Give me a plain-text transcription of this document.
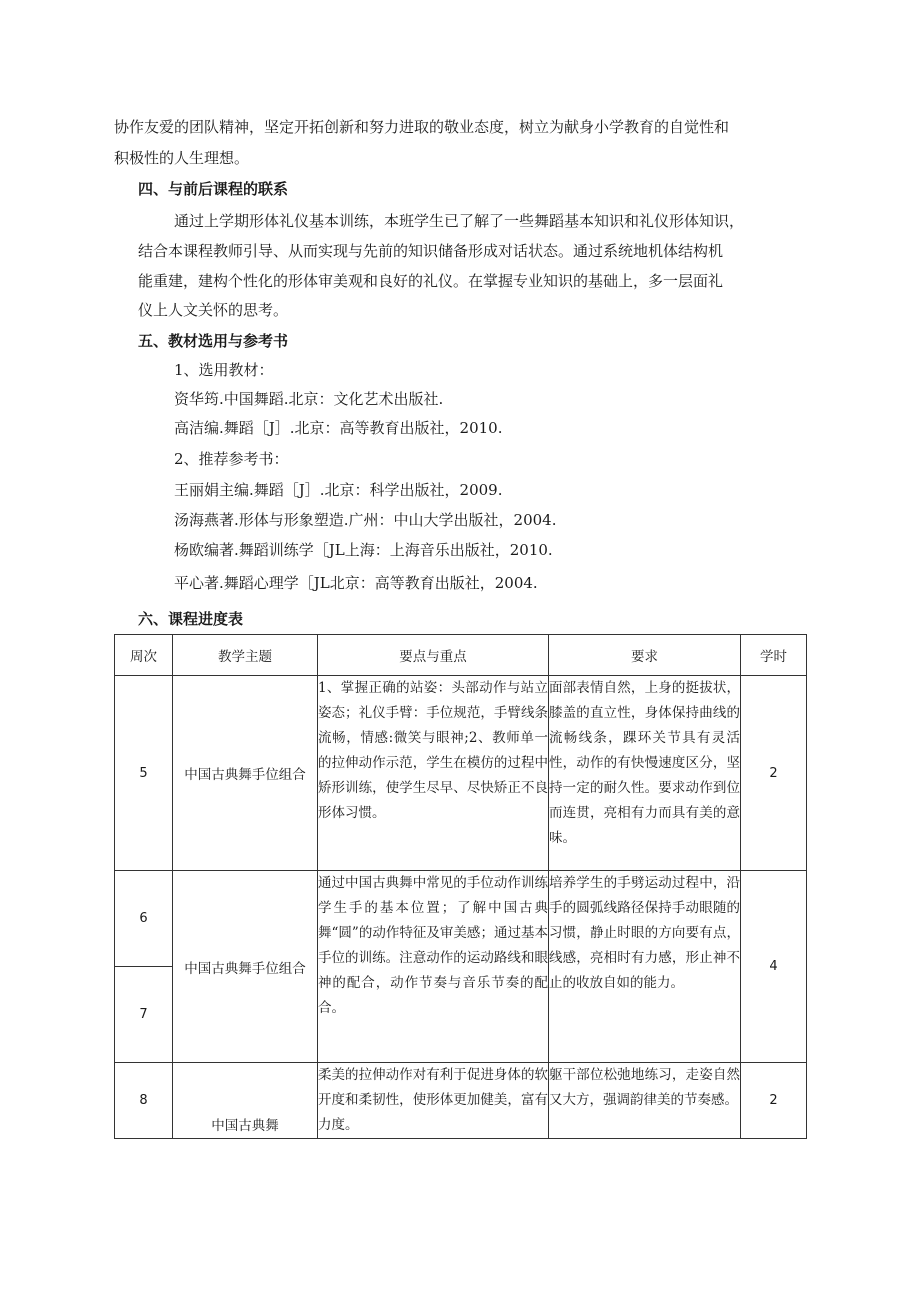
协作友爱的团队精神，坚定开拓创新和努力进取的敬业态度，树立为献身小学教育的自觉性和
积极性的人生理想。
四、与前后课程的联系
通过上学期形体礼仪基本训练，本班学生已了解了一些舞蹈基本知识和礼仪形体知识，
结合本课程教师引导、从而实现与先前的知识储备形成对话状态。通过系统地机体结构机
能重建，建构个性化的形体审美观和良好的礼仪。在掌握专业知识的基础上，多一层面礼
仪上人文关怀的思考。
五、教材选用与参考书
1、选用教材：
资华筠.中国舞蹈.北京：文化艺术出版社.
高洁编.舞蹈［J］.北京：高等教育出版社，2010.
2、推荐参考书：
王丽娟主编.舞蹈［J］.北京：科学出版社，2009.
汤海燕著.形体与形象塑造.广州：中山大学出版社，2004.
杨欧编著.舞蹈训练学［JL上海：上海音乐出版社，2010.
平心著.舞蹈心理学［JL北京：高等教育出版社，2004.
六、课程进度表
周次	教学主题	要点与重点	要求	学时
5	中国古典舞手位组合	1、掌握正确的站姿：头部动作与站立姿态；礼仪手臂：手位规范，手臂线条流畅，情感:微笑与眼神;2、教师单一的拉伸动作示范，学生在模仿的过程中矫形训练，使学生尽早、尽快矫正不良形体习惯。	面部表情自然，上身的挺拔状，膝盖的直立性，身体保持曲线的流畅线条，踝环关节具有灵活性，动作的有快慢速度区分，坚持一定的耐久性。要求动作到位而连贯，亮相有力而具有美的意味。	2
6	中国古典舞手位组合	通过中国古典舞中常见的手位动作训练学生手的基本位置；了解中国古典舞“圆”的动作特征及审美感；通过基本手位的训练。注意动作的运动路线和眼神的配合，动作节奏与音乐节奏的配合。	培养学生的手劈运动过程中，沿手的圆弧线路径保持手动眼随的习惯，静止时眼的方向要有点，线感，亮相时有力感，形止神不止的收放自如的能力。	4
7				
8	中国古典舞	柔美的拉伸动作对有利于促进身体的软开度和柔韧性，使形体更加健美，富有力度。	躯干部位松弛地练习，走姿自然又大方，强调韵律美的节奏感。	2
